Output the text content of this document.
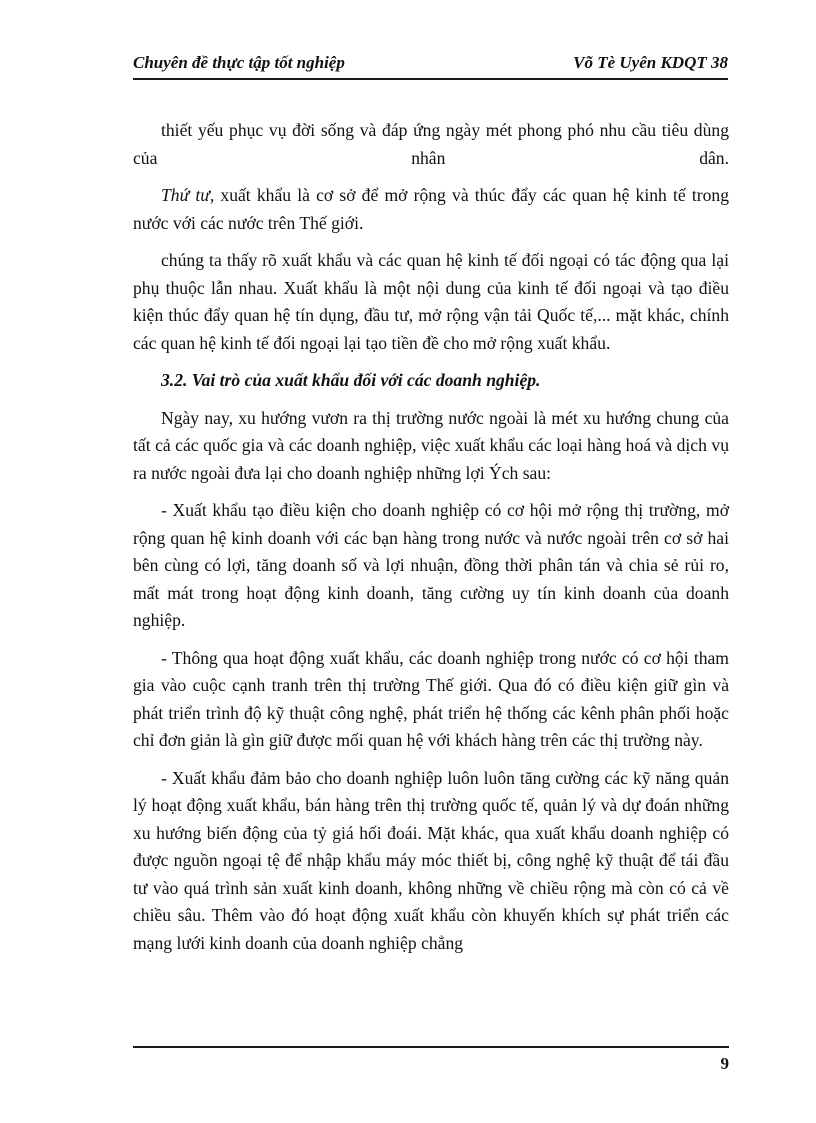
Chuyên đề thực tập tốt nghiệp	Võ Tè Uyên KDQT 38

thiết yếu phục vụ đời sống và đáp ứng ngày mét phong phó nhu cầu tiêu dùng của nhân dân.

Thứ tư, xuất khẩu là cơ sở để mở rộng và thúc đẩy các quan hệ kinh tế trong nước với các nước trên Thế giới.

chúng ta thấy rõ xuất khẩu và các quan hệ kinh tế đối ngoại có tác động qua lại phụ thuộc lẫn nhau. Xuất khẩu là một nội dung của kinh tế đối ngoại và tạo điều kiện thúc đẩy quan hệ tín dụng, đầu tư, mở rộng vận tải Quốc tế,... mặt khác, chính các quan hệ kinh tế đối ngoại lại tạo tiền đề cho mở rộng xuất khẩu.

3.2. Vai trò của xuất khẩu đối với các doanh nghiệp.

Ngày nay, xu hướng vươn ra thị trường nước ngoài là mét xu hướng chung của tất cả các quốc gia và các doanh nghiệp, việc xuất khẩu các loại hàng hoá và dịch vụ ra nước ngoài đưa lại cho doanh nghiệp những lợi Ých sau:

- Xuất khẩu tạo điều kiện cho doanh nghiệp có cơ hội mở rộng thị trường, mở rộng quan hệ kinh doanh với các bạn hàng trong nước và nước ngoài trên cơ sở hai bên cùng có lợi, tăng doanh số và lợi nhuận, đồng thời phân tán và chia sẻ rủi ro, mất mát trong hoạt động kinh doanh, tăng cường uy tín kinh doanh của doanh nghiệp.

- Thông qua hoạt động xuất khẩu, các doanh nghiệp trong nước có cơ hội tham gia vào cuộc cạnh tranh trên thị trường Thế giới. Qua đó có điều kiện giữ gìn và phát triển trình độ kỹ thuật công nghệ, phát triển hệ thống các kênh phân phối hoặc chỉ đơn giản là gìn giữ được mối quan hệ với khách hàng trên các thị trường này.

- Xuất khẩu đảm bảo cho doanh nghiệp luôn luôn tăng cường các kỹ năng quản lý hoạt động xuất khẩu, bán hàng trên thị trường quốc tế, quản lý và dự đoán những xu hướng biến động của tỷ giá hối đoái. Mặt khác, qua xuất khẩu doanh nghiệp có được nguồn ngoại tệ để nhập khẩu máy móc thiết bị, công nghệ kỹ thuật để tái đầu tư vào quá trình sản xuất kinh doanh, không những về chiều rộng mà còn có cả về chiều sâu. Thêm vào đó hoạt động xuất khẩu còn khuyến khích sự phát triển các mạng lưới kinh doanh của doanh nghiệp chẳng

9
